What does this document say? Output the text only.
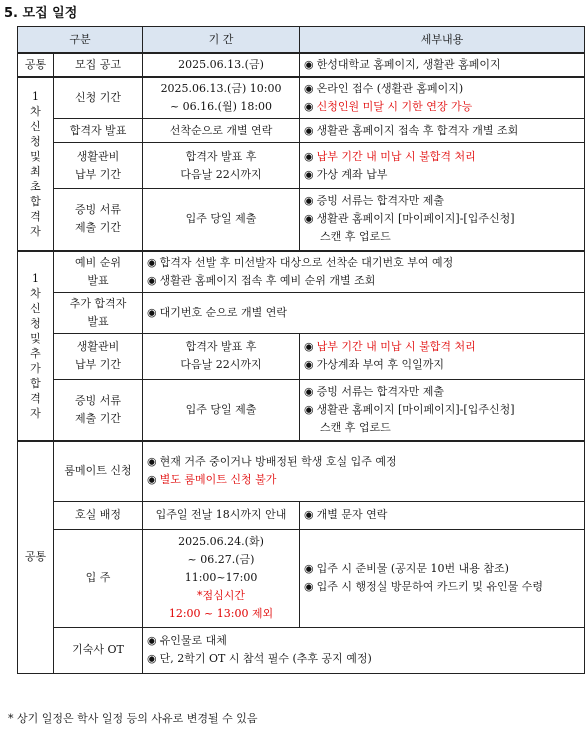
5. 모집 일정
구분		기 간	세부내용
공통	모집 공고	2025.06.13.(금)	◉ 한성대학교 홈페이지, 생활관 홈페이지

1차신청및최초합격자	신청 기간	2025.06.13.(금) 10:00
~ 06.16.(월) 18:00	◉ 온라인 접수 (생활관 홈페이지)
◉ 신청인원 미달 시 기한 연장 가능

	합격자 발표	선착순으로 개별 연락	◉ 생활관 홈페이지 접속 후 합격자 개별 조회

	생활관비
납부 기간	합격자 발표 후
다음날 22시까지	◉ 납부 기간 내 미납 시 불합격 처리
◉ 가상 계좌 납부

	증빙 서류
제출 기간	입주 당일 제출	◉ 증빙 서류는 합격자만 제출
◉ 생활관 홈페이지 [마이페이지]-[입주신청]
스캔 후 업로드

1차신청및추가합격자	예비 순위
발표	◉ 합격자 선발 후 미선발자 대상으로 선착순 대기번호 부여 예정
◉ 생활관 홈페이지 접속 후 예비 순위 개별 조회	

	추가 합격자
발표	◉ 대기번호 순으로 개별 연락	

	생활관비
납부 기간	합격자 발표 후
다음날 22시까지	◉ 납부 기간 내 미납 시 불합격 처리
◉ 가상계좌 부여 후 익일까지

	증빙 서류
제출 기간	입주 당일 제출	◉ 증빙 서류는 합격자만 제출
◉ 생활관 홈페이지 [마이페이지]-[입주신청]
스캔 후 업로드

공통	룸메이트 신청	◉ 현재 거주 중이거나 방배정된 학생 호실 입주 예정
◉ 별도 룸메이트 신청 불가	

	호실 배정	입주일 전날 18시까지 안내	◉ 개별 문자 연락
	입 주	2025.06.24.(화)
~ 06.27.(금)
11:00~17:00
*점심시간
12:00 ~ 13:00 제외	◉ 입주 시 준비물 (공지문 10번 내용 참조)
◉ 입주 시 행정실 방문하여 카드키 및 유인물 수령

	기숙사 OT	◉ 유인물로 대체
◉ 단, 2학기 OT 시 참석 필수 (추후 공지 예정)	
* 상기 일정은 학사 일정 등의 사유로 변경될 수 있음
